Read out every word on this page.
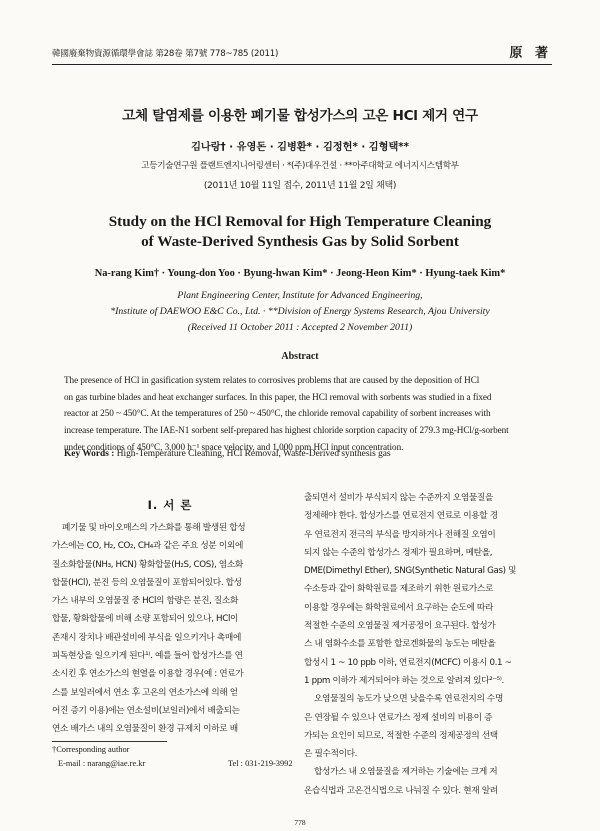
韓國廢棄物資源循環學會誌 第28卷 第7號 778~785 (2011)	原 著
고체 탈염제를 이용한 폐기물 합성가스의 고온 HCl 제거 연구
김나랑† · 유영돈 · 김병환* · 김정헌* · 김형택**
고등기술연구원 플랜트엔지니어링센터 · *(주)대우건설 · **아주대학교 에너지시스템학부
(2011년 10월 11일 접수, 2011년 11월 2일 채택)
Study on the HCl Removal for High Temperature Cleaning
of Waste-Derived Synthesis Gas by Solid Sorbent
Na-rang Kim† · Young-don Yoo · Byung-hwan Kim* · Jeong-Heon Kim* · Hyung-taek Kim*
Plant Engineering Center, Institute for Advanced Engineering,
*Institute of DAEWOO E&C Co., Ltd. · **Division of Energy Systems Research, Ajou University
(Received 11 October 2011 : Accepted 2 November 2011)
Abstract
The presence of HCl in gasification system relates to corrosives problems that are caused by the deposition of HCl
on gas turbine blades and heat exchanger surfaces. In this paper, the HCl removal with sorbents was studied in a fixed
reactor at 250 ~ 450°C. At the temperatures of 250 ~ 450°C, the chloride removal capability of sorbent increases with
increase temperature. The IAE-N1 sorbent self-prepared has highest chloride sorption capacity of 279.3 mg-HCl/g-sorbent
under conditions of 450°C, 3,000 h⁻¹ space velocity, and 1,000 ppm HCl input concentration.
Key Words : High-Temperature Cleaning, HCl Removal, Waste-Derived synthesis gas
I. 서 론
폐기물 및 바이오매스의 가스화를 통해 발생된 합성
가스에는 CO, H₂, CO₂, CH₄과 같은 주요 성분 이외에
질소화합물(NH₃, HCN) 황화합물(H₂S, COS), 염소화
합물(HCl), 분진 등의 오염물질이 포함되어있다. 합성
가스 내부의 오염물질 중 HCl의 함량은 분진, 질소화
합물, 황화합물에 비해 소량 포함되어 있으나, HCl이
존재시 장치나 배관설비에 부식을 일으키거나 촉매에
피독현상을 일으키게 된다¹⁾. 예를 들어 합성가스를 연
소시킨 후 연소가스의 현열을 이용할 경우(예 : 연료가
스를 보일러에서 연소 후 고온의 연소가스에 의해 얻
어진 증기 이용)에는 연소설비(보일러)에서 배출되는
연소 배가스 내의 오염물질이 환경 규제치 이하로 배
출되면서 설비가 부식되지 않는 수준까지 오염물질을
정제해야 한다. 합성가스를 연료전지 연료로 이용할 경
우 연료전지 전극의 부식을 방지하거나 전해질 오염이
되지 않는 수준의 합성가스 정제가 필요하며, 메탄올,
DME(Dimethyl Ether), SNG(Synthetic Natural Gas) 및
수소등과 같이 화학원료를 제조하기 위한 원료가스로
이용할 경우에는 화학원료에서 요구하는 순도에 따라
적절한 수준의 오염물질 제거공정이 요구된다. 합성가
스 내 염화수소를 포함한 할로겐화물의 농도는 메탄올
합성시 1 ~ 10 ppb 이하, 연료전지(MCFC) 이용시 0.1 ~
1 ppm 이하가 제거되어야 하는 것으로 알려져 있다²⁻⁵⁾.
오염물질의 농도가 낮으면 낮을수록 연료전지의 수명
은 연장될 수 있으나 연료가스 정제 설비의 비용이 증
가되는 요인이 되므로, 적절한 수준의 정제공정의 선택
은 필수적이다.
합성가스 내 오염물질을 제거하는 기술에는 크게 저
온습식법과 고온건식법으로 나눠질 수 있다. 현재 알려
†Corresponding author
E-mail : narang@iae.re.kr	Tel : 031-219-3992
778
